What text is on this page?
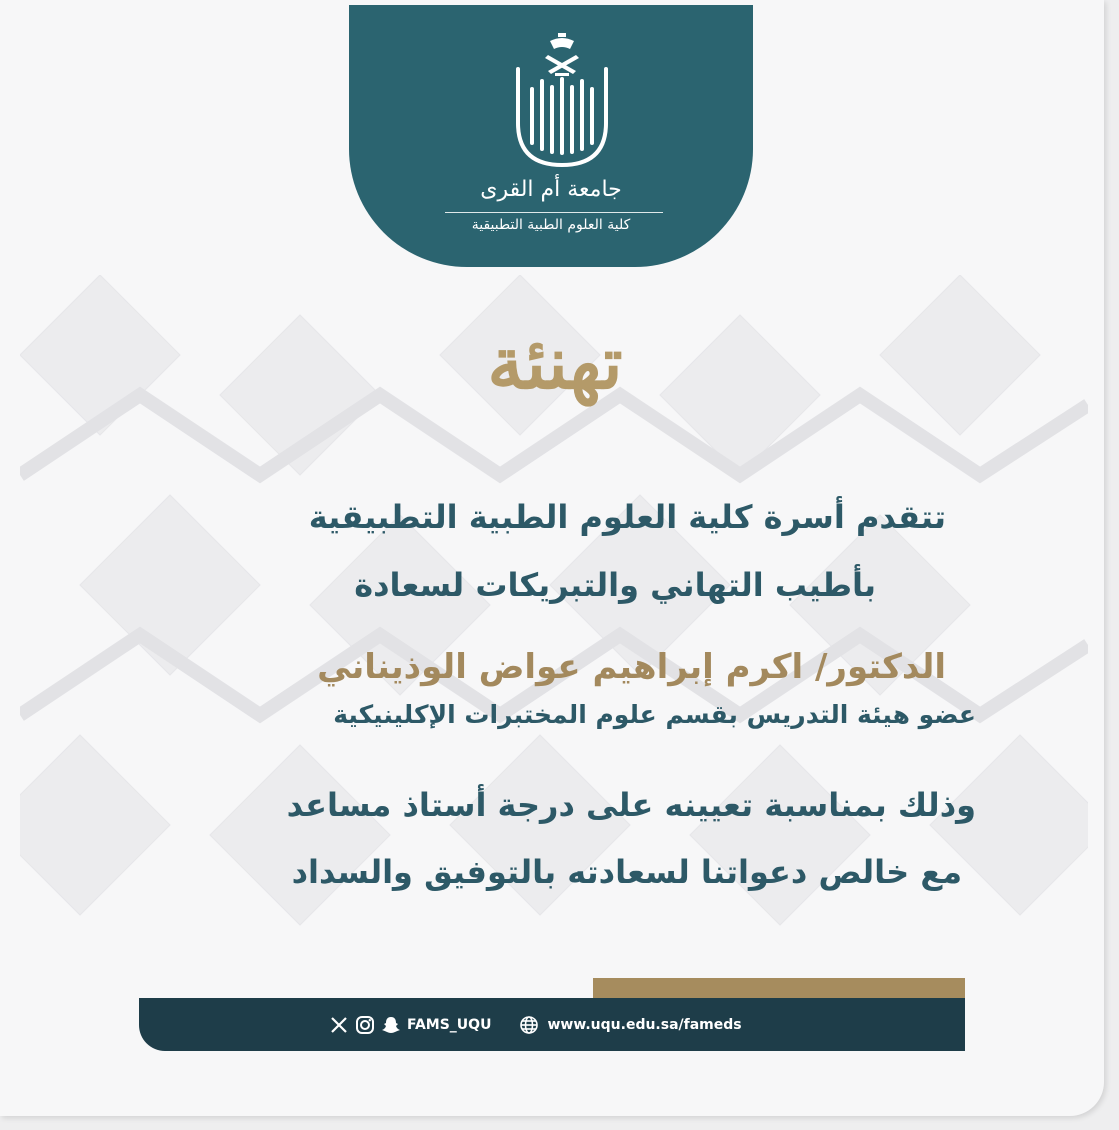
جامعة أم القرى
كلية العلوم الطبية التطبيقية
تهنئة
تتقدم أسرة كلية العلوم الطبية التطبيقية
بأطيب التهاني والتبريكات لسعادة
الدكتور/ اكرم إبراهيم عواض الوذيناني
عضو هيئة التدريس بقسم علوم المختبرات الإكلينيكية
وذلك بمناسبة تعيينه على درجة أستاذ مساعد
مع خالص دعواتنا لسعادته بالتوفيق والسداد
FAMS_UQU	www.uqu.edu.sa/fameds
